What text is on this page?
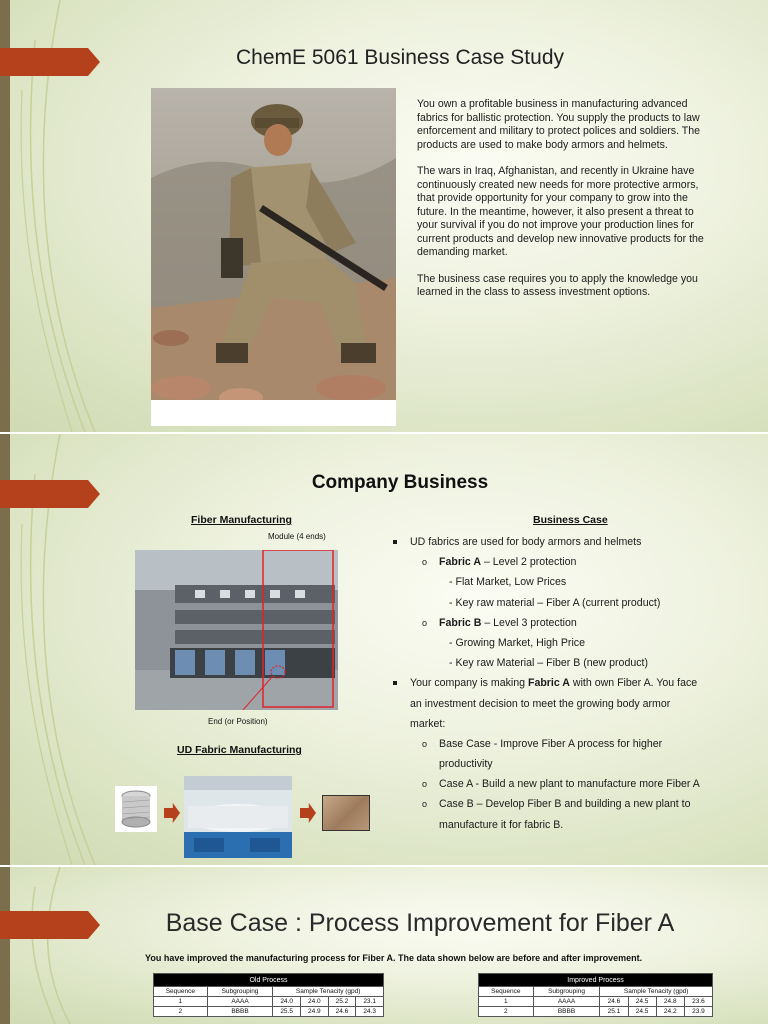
ChemE 5061 Business Case Study

You own a profitable business in manufacturing advanced fabrics for ballistic protection. You supply the products to law enforcement and military to protect polices and soldiers. The products are used to make body armors and helmets.

The wars in Iraq, Afghanistan, and recently in Ukraine have continuously created new needs for more protective armors, that provide opportunity for your company to grow into the future. In the meantime, however, it also present a threat to your survival if you do not improve your production lines for current products and develop new innovative products for the demanding market.

The business case requires you to apply the knowledge you learned in the class to assess investment options.

Company Business
Fiber Manufacturing
Module (4 ends)
End (or Position)
UD Fabric Manufacturing
Business Case
UD fabrics are used for body armors and helmets
o Fabric A – Level 2 protection
- Flat Market, Low Prices
- Key raw material – Fiber A (current product)
o Fabric B – Level 3 protection
- Growing Market, High Price
- Key raw Material – Fiber B (new product)
Your company is making Fabric A with own Fiber A. You face
an investment decision to meet the growing body armor
market:
o Base Case - Improve Fiber A process for higher
productivity
o Case A - Build a new plant to manufacture more Fiber A
o Case B – Develop Fiber B and building a new plant to
manufacture it for fabric B.
Base Case : Process Improvement for Fiber A
You have improved the manufacturing process for Fiber A. The data shown below are before and after improvement.
Old Process					
Sequence	Subgrouping	Sample Tenacity (gpd)			
1	AAAA	24.0	24.0	25.2	23.1
2	BBBB	25.5	24.9	24.6	24.3
Improved Process					
Sequence	Subgrouping	Sample Tenacity (gpd)			
1	AAAA	24.6	24.5	24.8	23.6
2	BBBB	25.1	24.5	24.2	23.9
